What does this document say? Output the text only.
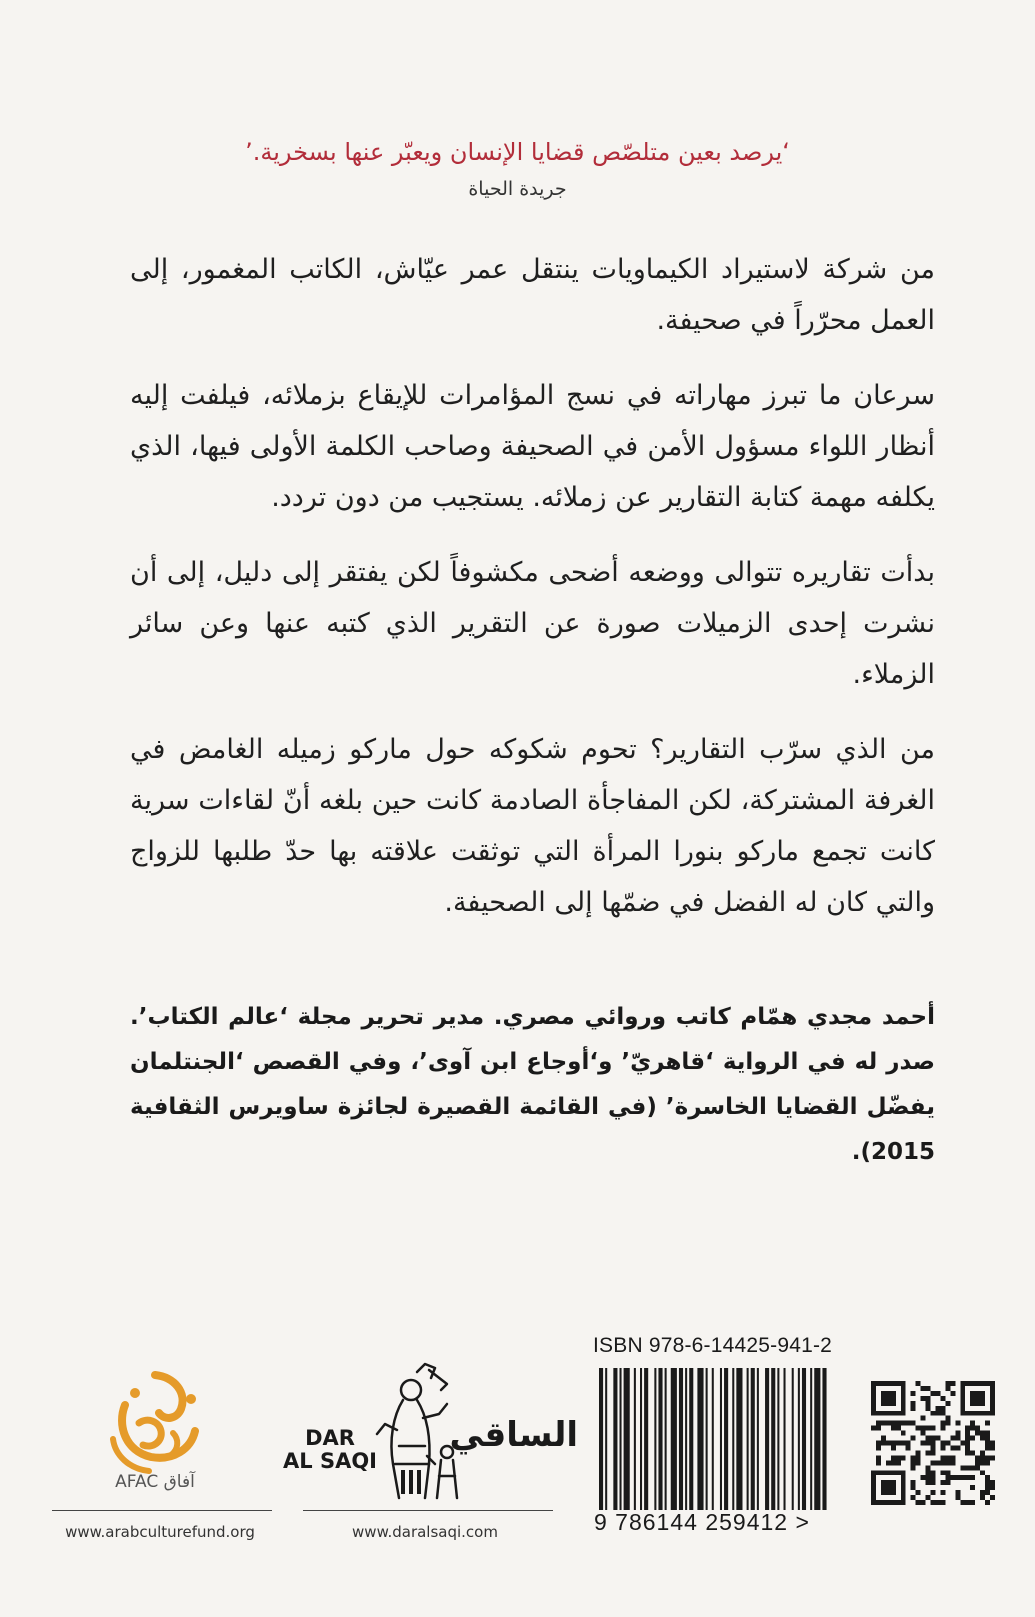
‘يرصد بعين متلصّص قضايا الإنسان ويعبّر عنها بسخرية.’
جريدة الحياة

من شركة لاستيراد الكيماويات ينتقل عمر عيّاش، الكاتب المغمور، إلى العمل محرّراً في صحيفة.

سرعان ما تبرز مهاراته في نسج المؤامرات للإيقاع بزملائه، فيلفت إليه أنظار اللواء مسؤول الأمن في الصحيفة وصاحب الكلمة الأولى فيها، الذي يكلفه مهمة كتابة التقارير عن زملائه. يستجيب من دون تردد.

بدأت تقاريره تتوالى ووضعه أضحى مكشوفاً لكن يفتقر إلى دليل، إلى أن نشرت إحدى الزميلات صورة عن التقرير الذي كتبه عنها وعن سائر الزملاء.

من الذي سرّب التقارير؟ تحوم شكوكه حول ماركو زميله الغامض في الغرفة المشتركة، لكن المفاجأة الصادمة كانت حين بلغه أنّ لقاءات سرية كانت تجمع ماركو بنورا المرأة التي توثقت علاقته بها حدّ طلبها للزواج والتي كان له الفضل في ضمّها إلى الصحيفة.

أحمد مجدي همّام كاتب وروائي مصري. مدير تحرير مجلة ‘عالم الكتاب’. صدر له في الرواية ‘قاهريّ’ و‘أوجاع ابن آوى’، وفي القصص ‘الجنتلمان يفضّل القضايا الخاسرة’ (في القائمة القصيرة لجائزة ساويرس الثقافية 2015).
AFAC آفاق
www.arabculturefund.org	www.daralsaqi.com
DAR
AL SAQI
الساقي
ISBN 978-6-14425-941-2
9 786144 259412 >
